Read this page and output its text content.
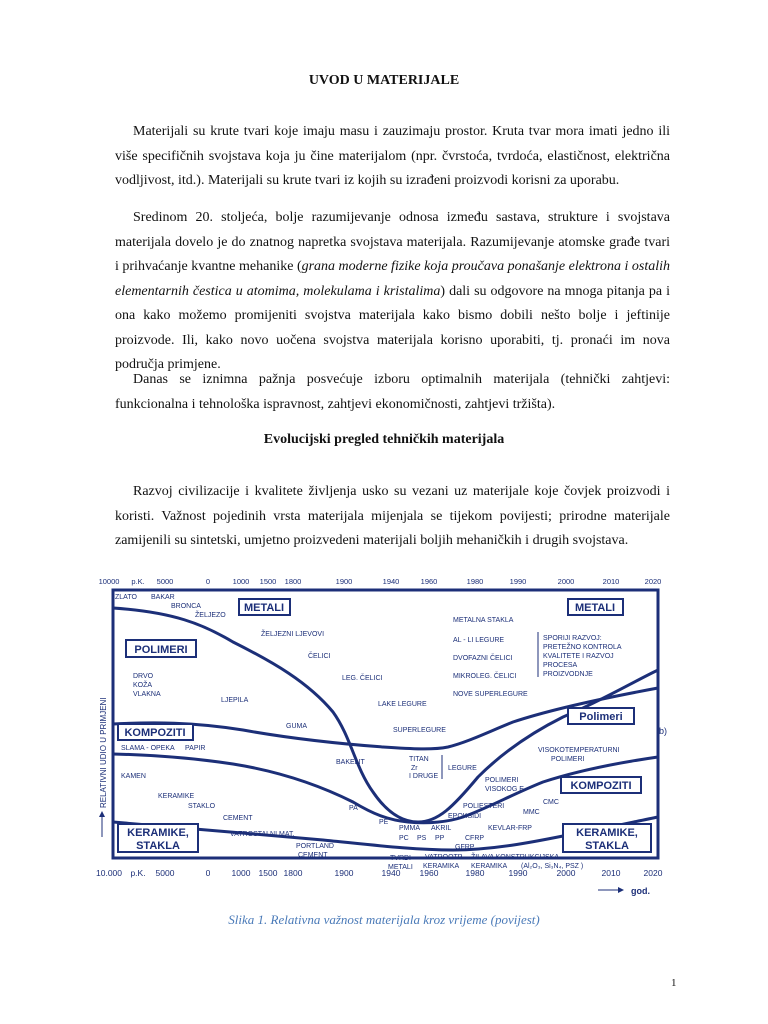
UVOD U MATERIJALE

Materijali su krute tvari koje imaju masu i zauzimaju prostor. Kruta tvar mora imati jedno ili više specifičnih svojstava koja ju čine materijalom (npr. čvrstoća, tvrdoća, elastičnost, električna vodljivost, itd.). Materijali su krute tvari iz kojih su izrađeni proizvodi korisni za uporabu.

Sredinom 20. stoljeća, bolje razumijevanje odnosa između sastava, strukture i svojstava materijala dovelo je do znatnog napretka svojstava materijala. Razumijevanje atomske građe tvari i prihvaćanje kvantne mehanike (grana moderne fizike koja proučava ponašanje elektrona i ostalih elementarnih čestica u atomima, molekulama i kristalima) dali su odgovore na mnoga pitanja pa i ona kako možemo promijeniti svojstva materijala kako bismo dobili nešto bolje i jeftinije proizvode. Ili, kako novo uočena svojstva materijala korisno uporabiti, tj. pronaći im nova područja primjene.

Danas se iznimna pažnja posvećuje izboru optimalnih materijala (tehnički zahtjevi: funkcionalna i tehnološka ispravnost, zahtjevi ekonomičnosti, zahtjevi tržišta).

Evolucijski pregled tehničkih materijala

Razvoj civilizacije i kvalitete življenja usko su vezani uz materijale koje čovjek proizvodi i koristi. Važnost pojedinih vrsta materijala mijenjala se tijekom povijesti; prirodne materijale zamijenili su sintetski, umjetno proizvedeni materijali boljih mehaničkih i drugih svojstava.

10000 p.K. 5000	0	1000 1500 1800	1900	1940	1960	1980	1990	2000	2010	2020
10.000 p.K. 5000	0 1000 1500 1800	1900	1940 1960	1980	1990	2000	2010	2020
god.
RELATIVNI UDIO U PRIMJENI
METALI	METALI
POLIMERI
Polimeri
KOMPOZITI
KOMPOZITI
KERAMIKE,
STAKLA
KERAMIKE,
STAKLA
b)
ZLATO BAKAR
BRONCA
ŽELJEZO
ŽELJEZNI LJEVOVI
ČELICI
LEG. ČELICI
LAKE LEGURE
SUPERLEGURE
TITAN
Zr
I DRUGE
LEGURE
METALNA STAKLA
AL - LI LEGURE
DVOFAZNI ČELICI
MIKROLEG. ČELICI
NOVE SUPERLEGURE
SPORIJI RAZVOJ:
PRETEŽNO KONTROLA
KVALITETE I RAZVOJ
PROCESA
PROIZVODNJE
DRVO
KOŽA
VLAKNA
LJEPILA
GUMA
BAKELIT
PA
PE
PMMA AKRIL
PC PS PP
EPOKSIDI
POLIESTERI
POLIMERI
VISOKOG E
VISOKOTEMPERATURNI
POLIMERI
SLAMA - OPEKA PAPIR
KAMEN
KERAMIKE
STAKLO
CEMENT
VATROSTALNI MAT.
PORTLAND
CEMENT	TVRDI
METALI
VATROOTP.
KERAMIKA
ŽILAVA KONSTRUKCIJSKA
KERAMIKA (Al₂O₃, Si₃N₄, PSZ )
GFRP
CFRP
KEVLAR-FRP
MMC
CMC
Slika 1. Relativna važnost materijala kroz vrijeme (povijest)
1
